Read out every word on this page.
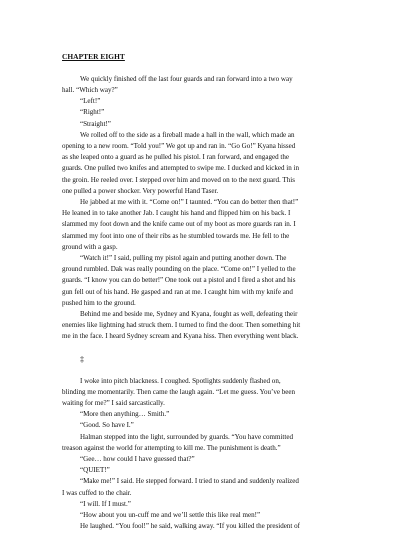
CHAPTER EIGHT
We quickly finished off the last four guards and ran forward into a two way
hall. “Which way?”
“Left!”
“Right!”
“Straight!”
We rolled off to the side as a fireball made a hall in the wall, which made an
opening to a new room. “Told you!” We got up and ran in. “Go Go!” Kyana hissed
as she leaped onto a guard as he pulled his pistol. I ran forward, and engaged the
guards. One pulled two knifes and attempted to swipe me. I ducked and kicked in in
the groin. He reeled over. I stepped over him and moved on to the next guard. This
one pulled a power shocker. Very powerful Hand Taser.
He jabbed at me with it. “Come on!” I taunted. “You can do better then that!”
He leaned in to take another Jab. I caught his hand and flipped him on his back. I
slammed my foot down and the knife came out of my boot as more guards ran in. I
slammed my foot into one of their ribs as he stumbled towards me. He fell to the
ground with a gasp.
“Watch it!” I said, pulling my pistol again and putting another down. The
ground rumbled. Dak was really pounding on the place. “Come on!” I yelled to the
guards. “I know you can do better!” One took out a pistol and I fired a shot and his
gun fell out of his hand. He gasped and ran at me. I caught him with my knife and
pushed him to the ground.
Behind me and beside me, Sydney and Kyana, fought as well, defeating their
enemies like lightning had struck them. I turned to find the door. Then something hit
me in the face. I heard Sydney scream and Kyana hiss. Then everything went black.
‡
I woke into pitch blackness. I coughed. Spotlights suddenly flashed on,
blinding me momentarily. Then came the laugh again. “Let me guess. You’ve been
waiting for me?” I said sarcastically.
“More then anything… Smith.”
“Good. So have I.”
Halman stepped into the light, surrounded by guards. “You have committed
treason against the world for attempting to kill me. The punishment is death.”
“Gee… how could I have guessed that?”
“QUIET!”
“Make me!” I said. He stepped forward. I tried to stand and suddenly realized
I was cuffed to the chair.
“I will. If I must.”
“How about you un-cuff me and we’ll settle this like real men!”
He laughed. “You fool!” he said, walking away. “If you killed the president of
